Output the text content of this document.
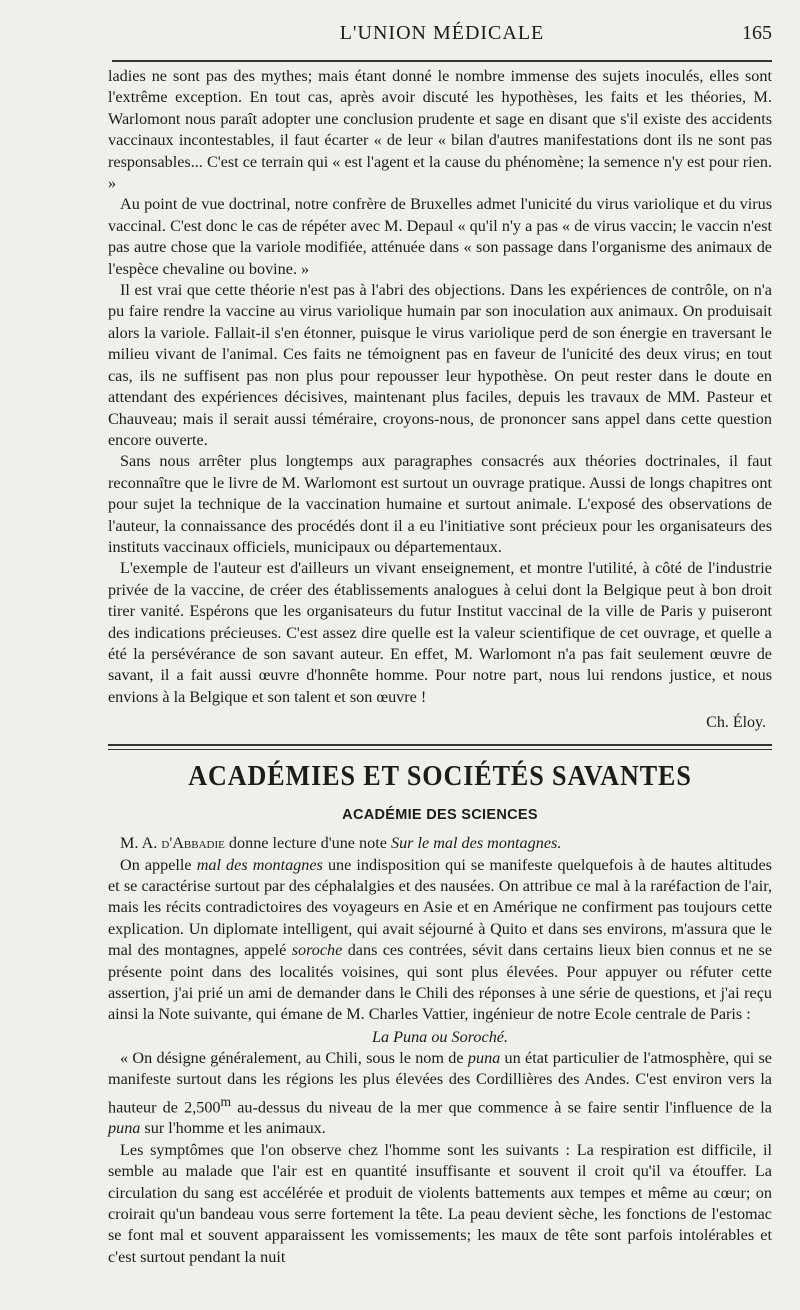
L'UNION MÉDICALE	165

ladies ne sont pas des mythes; mais étant donné le nombre immense des sujets inoculés, elles sont l'extrême exception. En tout cas, après avoir discuté les hypothèses, les faits et les théories, M. Warlomont nous paraît adopter une conclusion prudente et sage en disant que s'il existe des accidents vaccinaux incontestables, il faut écarter « de leur « bilan d'autres manifestations dont ils ne sont pas responsables... C'est ce terrain qui « est l'agent et la cause du phénomène; la semence n'y est pour rien. »

Au point de vue doctrinal, notre confrère de Bruxelles admet l'unicité du virus variolique et du virus vaccinal. C'est donc le cas de répéter avec M. Depaul « qu'il n'y a pas « de virus vaccin; le vaccin n'est pas autre chose que la variole modifiée, atténuée dans « son passage dans l'organisme des animaux de l'espèce chevaline ou bovine. »

Il est vrai que cette théorie n'est pas à l'abri des objections. Dans les expériences de contrôle, on n'a pu faire rendre la vaccine au virus variolique humain par son inoculation aux animaux. On produisait alors la variole. Fallait-il s'en étonner, puisque le virus variolique perd de son énergie en traversant le milieu vivant de l'animal. Ces faits ne témoignent pas en faveur de l'unicité des deux virus; en tout cas, ils ne suffisent pas non plus pour repousser leur hypothèse. On peut rester dans le doute en attendant des expériences décisives, maintenant plus faciles, depuis les travaux de MM. Pasteur et Chauveau; mais il serait aussi téméraire, croyons-nous, de prononcer sans appel dans cette question encore ouverte.

Sans nous arrêter plus longtemps aux paragraphes consacrés aux théories doctrinales, il faut reconnaître que le livre de M. Warlomont est surtout un ouvrage pratique. Aussi de longs chapitres ont pour sujet la technique de la vaccination humaine et surtout animale. L'exposé des observations de l'auteur, la connaissance des procédés dont il a eu l'initiative sont précieux pour les organisateurs des instituts vaccinaux officiels, municipaux ou départementaux.

L'exemple de l'auteur est d'ailleurs un vivant enseignement, et montre l'utilité, à côté de l'industrie privée de la vaccine, de créer des établissements analogues à celui dont la Belgique peut à bon droit tirer vanité. Espérons que les organisateurs du futur Institut vaccinal de la ville de Paris y puiseront des indications précieuses. C'est assez dire quelle est la valeur scientifique de cet ouvrage, et quelle a été la persévérance de son savant auteur. En effet, M. Warlomont n'a pas fait seulement œuvre de savant, il a fait aussi œuvre d'honnête homme. Pour notre part, nous lui rendons justice, et nous envions à la Belgique et son talent et son œuvre !

Ch. Éloy.
ACADÉMIES ET SOCIÉTÉS SAVANTES
ACADÉMIE DES SCIENCES

M. A. d'Abbadie donne lecture d'une note Sur le mal des montagnes.

On appelle mal des montagnes une indisposition qui se manifeste quelquefois à de hautes altitudes et se caractérise surtout par des céphalalgies et des nausées. On attribue ce mal à la raréfaction de l'air, mais les récits contradictoires des voyageurs en Asie et en Amérique ne confirment pas toujours cette explication. Un diplomate intelligent, qui avait séjourné à Quito et dans ses environs, m'assura que le mal des montagnes, appelé soroche dans ces contrées, sévit dans certains lieux bien connus et ne se présente point dans des localités voisines, qui sont plus élevées. Pour appuyer ou réfuter cette assertion, j'ai prié un ami de demander dans le Chili des réponses à une série de questions, et j'ai reçu ainsi la Note suivante, qui émane de M. Charles Vattier, ingénieur de notre Ecole centrale de Paris :

La Puna ou Soroché.

« On désigne généralement, au Chili, sous le nom de puna un état particulier de l'atmosphère, qui se manifeste surtout dans les régions les plus élevées des Cordillières des Andes. C'est environ vers la hauteur de 2,500$^m$ au-dessus du niveau de la mer que commence à se faire sentir l'influence de la puna sur l'homme et les animaux.

Les symptômes que l'on observe chez l'homme sont les suivants : La respiration est difficile, il semble au malade que l'air est en quantité insuffisante et souvent il croit qu'il va étouffer. La circulation du sang est accélérée et produit de violents battements aux tempes et même au cœur; on croirait qu'un bandeau vous serre fortement la tête. La peau devient sèche, les fonctions de l'estomac se font mal et souvent apparaissent les vomissements; les maux de tête sont parfois intolérables et c'est surtout pendant la nuit
